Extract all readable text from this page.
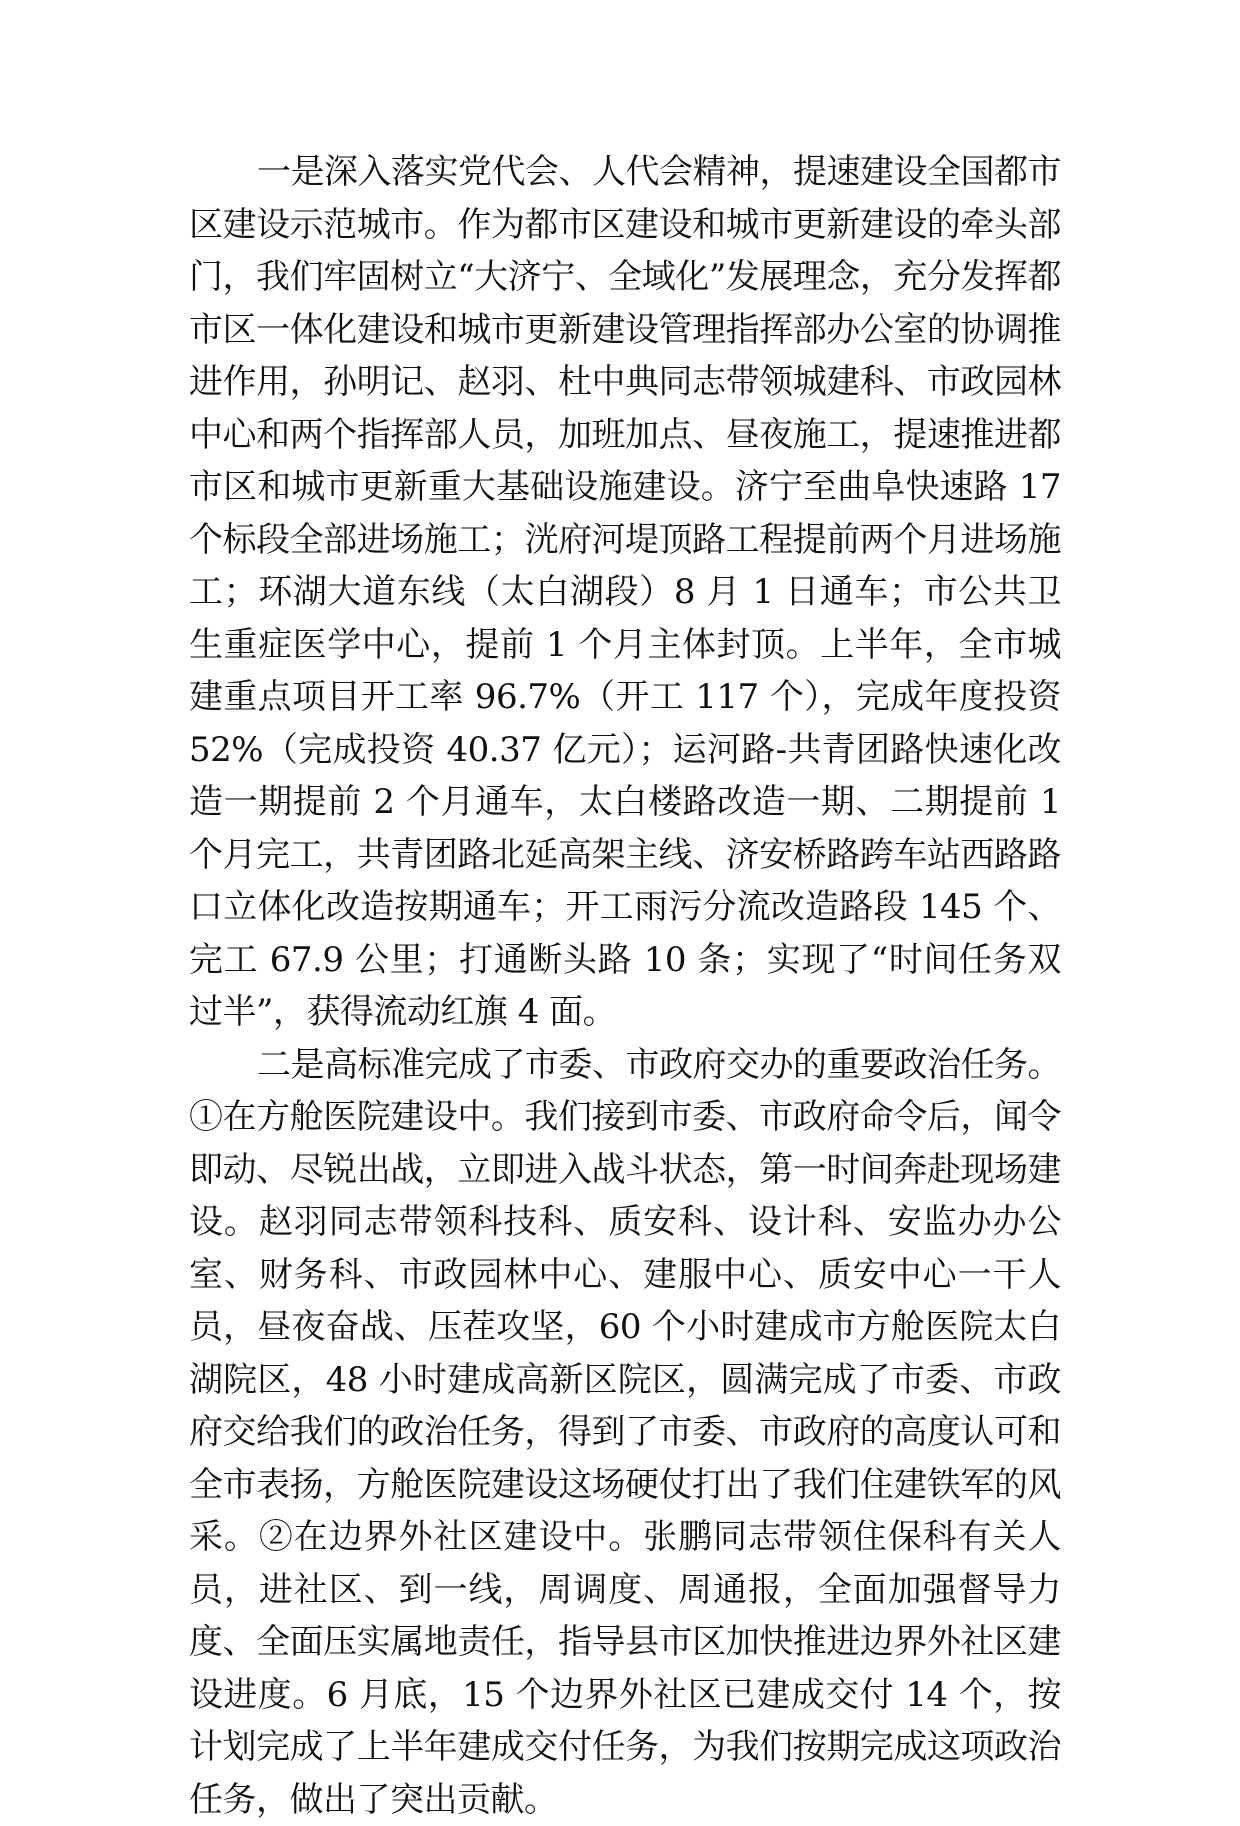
一是深入落实党代会、人代会精神，提速建设全国都市区建设示范城市。作为都市区建设和城市更新建设的牵头部门，我们牢固树立“大济宁、全域化”发展理念，充分发挥都市区一体化建设和城市更新建设管理指挥部办公室的协调推进作用，孙明记、赵羽、杜中典同志带领城建科、市政园林中心和两个指挥部人员，加班加点、昼夜施工，提速推进都市区和城市更新重大基础设施建设。济宁至曲阜快速路 17 个标段全部进场施工；洸府河堤顶路工程提前两个月进场施工；环湖大道东线（太白湖段）8 月 1 日通车；市公共卫生重症医学中心，提前 1 个月主体封顶。上半年，全市城建重点项目开工率 96.7%（开工 117 个），完成年度投资 52%（完成投资 40.37 亿元）；运河路-共青团路快速化改造一期提前 2 个月通车，太白楼路改造一期、二期提前 1 个月完工，共青团路北延高架主线、济安桥路跨车站西路路口立体化改造按期通车；开工雨污分流改造路段 145 个、完工 67.9 公里；打通断头路 10 条；实现了“时间任务双过半”，获得流动红旗 4 面。

二是高标准完成了市委、市政府交办的重要政治任务。①在方舱医院建设中。我们接到市委、市政府命令后，闻令即动、尽锐出战，立即进入战斗状态，第一时间奔赴现场建设。赵羽同志带领科技科、质安科、设计科、安监办办公室、财务科、市政园林中心、建服中心、质安中心一干人员，昼夜奋战、压茬攻坚，60 个小时建成市方舱医院太白湖院区，48 小时建成高新区院区，圆满完成了市委、市政府交给我们的政治任务，得到了市委、市政府的高度认可和全市表扬，方舱医院建设这场硬仗打出了我们住建铁军的风采。②在边界外社区建设中。张鹏同志带领住保科有关人员，进社区、到一线，周调度、周通报，全面加强督导力度、全面压实属地责任，指导县市区加快推进边界外社区建设进度。6 月底，15 个边界外社区已建成交付 14 个，按计划完成了上半年建成交付任务，为我们按期完成这项政治任务，做出了突出贡献。
